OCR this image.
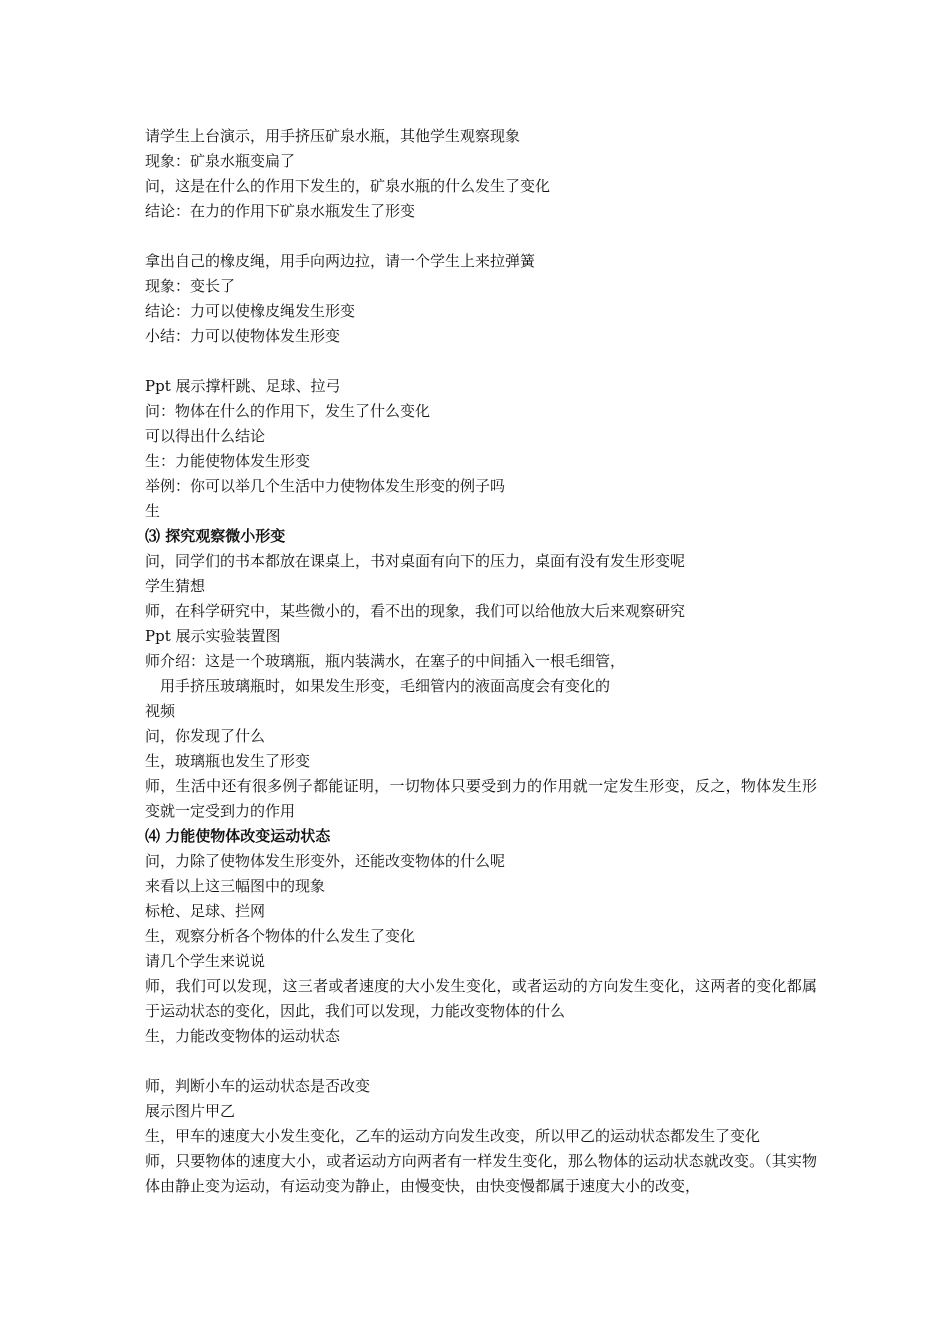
请学生上台演示，用手挤压矿泉水瓶，其他学生观察现象
现象：矿泉水瓶变扁了
问，这是在什么的作用下发生的，矿泉水瓶的什么发生了变化
结论：在力的作用下矿泉水瓶发生了形变
拿出自己的橡皮绳，用手向两边拉，请一个学生上来拉弹簧
现象：变长了
结论：力可以使橡皮绳发生形变
小结：力可以使物体发生形变
Ppt 展示撑杆跳、足球、拉弓
问：物体在什么的作用下，发生了什么变化
可以得出什么结论
生：力能使物体发生形变
举例：你可以举几个生活中力使物体发生形变的例子吗
生
⑶ 探究观察微小形变
问，同学们的书本都放在课桌上，书对桌面有向下的压力，桌面有没有发生形变呢
学生猜想
师，在科学研究中，某些微小的，看不出的现象，我们可以给他放大后来观察研究
Ppt 展示实验装置图
师介绍：这是一个玻璃瓶，瓶内装满水，在塞子的中间插入一根毛细管，
用手挤压玻璃瓶时，如果发生形变，毛细管内的液面高度会有变化的
视频
问，你发现了什么
生，玻璃瓶也发生了形变
师，生活中还有很多例子都能证明，一切物体只要受到力的作用就一定发生形变，反之，物体发生形变就一定受到力的作用
⑷ 力能使物体改变运动状态
问，力除了使物体发生形变外，还能改变物体的什么呢
来看以上这三幅图中的现象
标枪、足球、拦网
生，观察分析各个物体的什么发生了变化
请几个学生来说说
师，我们可以发现，这三者或者速度的大小发生变化，或者运动的方向发生变化，这两者的变化都属于运动状态的变化，因此，我们可以发现，力能改变物体的什么
生，力能改变物体的运动状态
师，判断小车的运动状态是否改变
展示图片甲乙
生，甲车的速度大小发生变化，乙车的运动方向发生改变，所以甲乙的运动状态都发生了变化
师，只要物体的速度大小，或者运动方向两者有一样发生变化，那么物体的运动状态就改变。（其实物体由静止变为运动，有运动变为静止，由慢变快，由快变慢都属于速度大小的改变，
